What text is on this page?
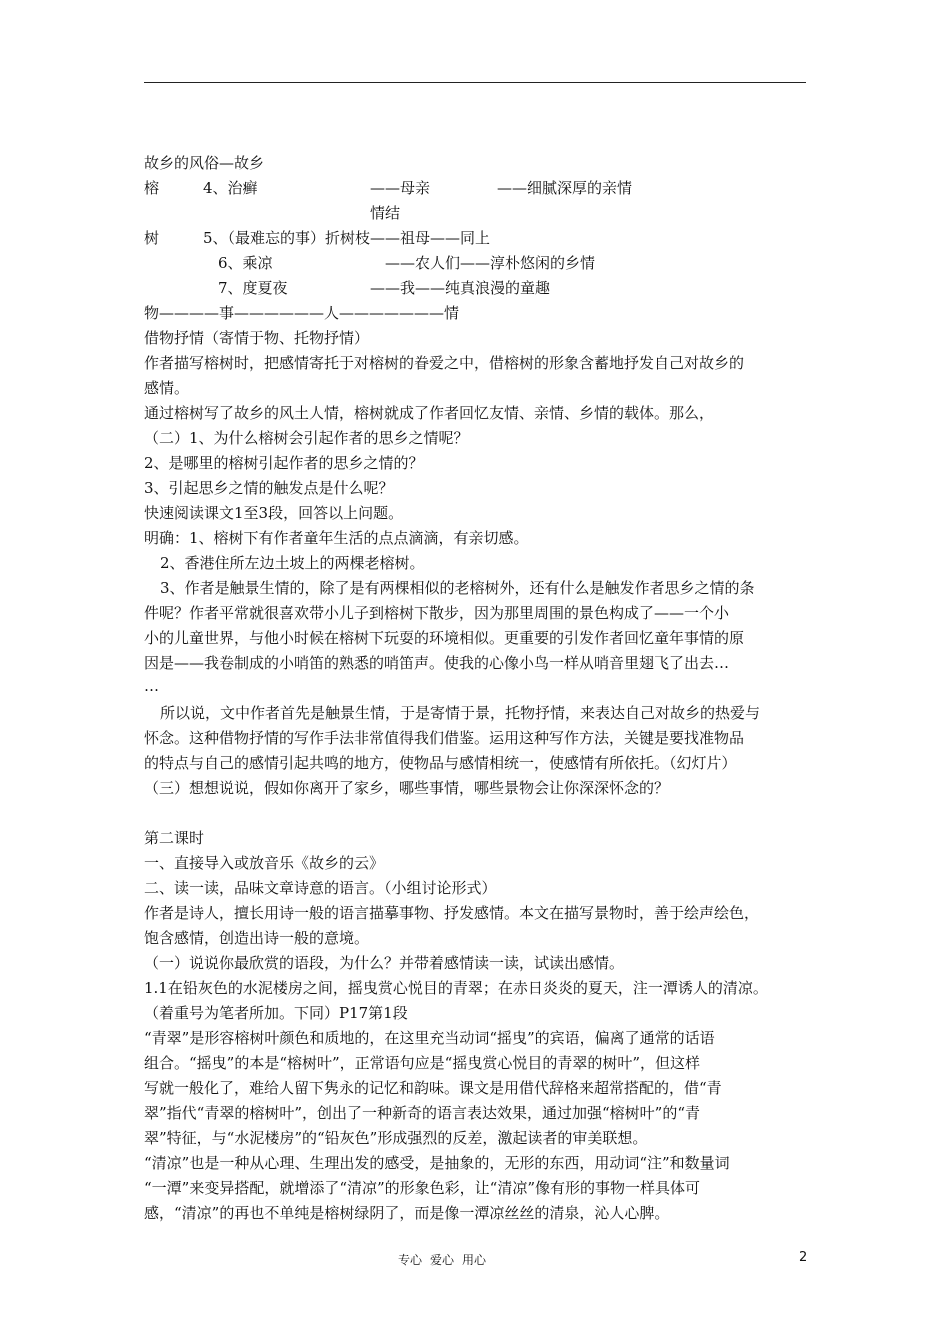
故乡的风俗—故乡
榕	4、治癣	——母亲	——细腻深厚的亲情
情结
树	5、（最难忘的事）折树枝——祖母——同上
6、乘凉	——农人们——淳朴悠闲的乡情
7、度夏夜	——我——纯真浪漫的童趣
物————事——————人———————情
借物抒情（寄情于物、托物抒情）
作者描写榕树时，把感情寄托于对榕树的眷爱之中，借榕树的形象含蓄地抒发自己对故乡的
感情。
通过榕树写了故乡的风土人情，榕树就成了作者回忆友情、亲情、乡情的载体。那么，
（二）1、为什么榕树会引起作者的思乡之情呢？
2、是哪里的榕树引起作者的思乡之情的？
3、引起思乡之情的触发点是什么呢？
快速阅读课文1至3段，回答以上问题。
明确：1、榕树下有作者童年生活的点点滴滴，有亲切感。
2、香港住所左边土坡上的两棵老榕树。
3、作者是触景生情的，除了是有两棵相似的老榕树外，还有什么是触发作者思乡之情的条
件呢？作者平常就很喜欢带小儿子到榕树下散步，因为那里周围的景色构成了——一个小
小的儿童世界，与他小时候在榕树下玩耍的环境相似。更重要的引发作者回忆童年事情的原
因是——我卷制成的小哨笛的熟悉的哨笛声。使我的心像小鸟一样从哨音里翅飞了出去…
…
所以说，文中作者首先是触景生情，于是寄情于景，托物抒情，来表达自己对故乡的热爱与
怀念。这种借物抒情的写作手法非常值得我们借鉴。运用这种写作方法，关键是要找准物品
的特点与自己的感情引起共鸣的地方，使物品与感情相统一，使感情有所依托。（幻灯片）
（三）想想说说，假如你离开了家乡，哪些事情，哪些景物会让你深深怀念的？
第二课时
一、直接导入或放音乐《故乡的云》
二、读一读，品味文章诗意的语言。（小组讨论形式）
作者是诗人，擅长用诗一般的语言描摹事物、抒发感情。本文在描写景物时，善于绘声绘色，
饱含感情，创造出诗一般的意境。
（一）说说你最欣赏的语段，为什么？并带着感情读一读，试读出感情。
1.1在铅灰色的水泥楼房之间，摇曳赏心悦目的青翠；在赤日炎炎的夏天，注一潭诱人的清凉。
（着重号为笔者所加。下同）P17第1段
“青翠”是形容榕树叶颜色和质地的，在这里充当动词“摇曳”的宾语，偏离了通常的话语
组合。“摇曳”的本是“榕树叶”，正常语句应是“摇曳赏心悦目的青翠的树叶”，但这样
写就一般化了，难给人留下隽永的记忆和韵味。课文是用借代辞格来超常搭配的，借“青
翠”指代“青翠的榕树叶”，创出了一种新奇的语言表达效果，通过加强“榕树叶”的“青
翠”特征，与“水泥楼房”的“铅灰色”形成强烈的反差，激起读者的审美联想。
“清凉”也是一种从心理、生理出发的感受，是抽象的，无形的东西，用动词“注”和数量词
“一潭”来变异搭配，就增添了“清凉”的形象色彩，让“清凉”像有形的事物一样具体可
感，“清凉”的再也不单纯是榕树绿阴了，而是像一潭凉丝丝的清泉，沁人心脾。
专心 爱心 用心	2
